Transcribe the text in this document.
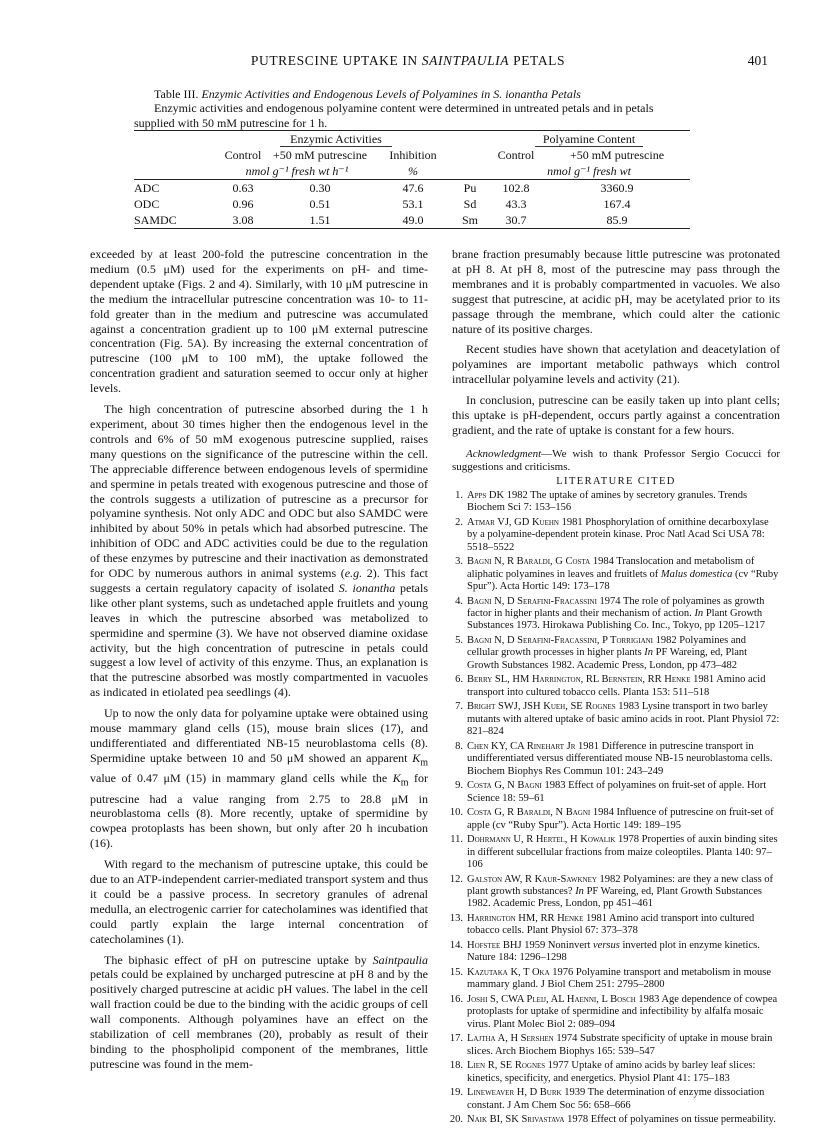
PUTRESCINE UPTAKE IN SAINTPAULIA PETALS	401
Table III. Enzymic Activities and Endogenous Levels of Polyamines in S. ionantha Petals
Enzymic activities and endogenous polyamine content were determined in untreated petals and in petals supplied with 50 mM putrescine for 1 h.
	Enzymic Activities				Polyamine Content	
	Control	+50 mM putrescine	Inhibition		Control	+50 mM putrescine
	nmol g⁻¹ fresh wt h⁻¹		%		nmol g⁻¹ fresh wt	
ADC	0.63	0.30	47.6	Pu	102.8	3360.9
ODC	0.96	0.51	53.1	Sd	43.3	167.4
SAMDC	3.08	1.51	49.0	Sm	30.7	85.9

exceeded by at least 200-fold the putrescine concentration in the medium (0.5 μM) used for the experiments on pH- and time-dependent uptake (Figs. 2 and 4). Similarly, with 10 μM putrescine in the medium the intracellular putrescine concentration was 10- to 11-fold greater than in the medium and putrescine was accumulated against a concentration gradient up to 100 μM external putrescine concentration (Fig. 5A). By increasing the external concentration of putrescine (100 μM to 100 mM), the uptake followed the concentration gradient and saturation seemed to occur only at higher levels.

The high concentration of putrescine absorbed during the 1 h experiment, about 30 times higher then the endogenous level in the controls and 6% of 50 mM exogenous putrescine supplied, raises many questions on the significance of the putrescine within the cell. The appreciable difference between endogenous levels of spermidine and spermine in petals treated with exogenous putrescine and those of the controls suggests a utilization of putrescine as a precursor for polyamine synthesis. Not only ADC and ODC but also SAMDC were inhibited by about 50% in petals which had absorbed putrescine. The inhibition of ODC and ADC activities could be due to the regulation of these enzymes by putrescine and their inactivation as demonstrated for ODC by numerous authors in animal systems (e.g. 2). This fact suggests a certain regulatory capacity of isolated S. ionantha petals like other plant systems, such as undetached apple fruitlets and young leaves in which the putrescine absorbed was metabolized to spermidine and spermine (3). We have not observed diamine oxidase activity, but the high concentration of putrescine in petals could suggest a low level of activity of this enzyme. Thus, an explanation is that the putrescine absorbed was mostly compartmented in vacuoles as indicated in etiolated pea seedlings (4).

Up to now the only data for polyamine uptake were obtained using mouse mammary gland cells (15), mouse brain slices (17), and undifferentiated and differentiated NB-15 neuroblastoma cells (8). Spermidine uptake between 10 and 50 μM showed an apparent $K_m$ value of 0.47 μM (15) in mammary gland cells while the $K_m$ for putrescine had a value ranging from 2.75 to 28.8 μM in neuroblastoma cells (8). More recently, uptake of spermidine by cowpea protoplasts has been shown, but only after 20 h incubation (16).

With regard to the mechanism of putrescine uptake, this could be due to an ATP-independent carrier-mediated transport system and thus it could be a passive process. In secretory granules of adrenal medulla, an electrogenic carrier for catecholamines was identified that could partly explain the large internal concentration of catecholamines (1).

The biphasic effect of pH on putrescine uptake by Saintpaulia petals could be explained by uncharged putrescine at pH 8 and by the positively charged putrescine at acidic pH values. The label in the cell wall fraction could be due to the binding with the acidic groups of cell wall components. Although polyamines have an effect on the stabilization of cell membranes (20), probably as result of their binding to the phospholipid component of the membranes, little putrescine was found in the mem-

brane fraction presumably because little putrescine was protonated at pH 8. At pH 8, most of the putrescine may pass through the membranes and it is probably compartmented in vacuoles. We also suggest that putrescine, at acidic pH, may be acetylated prior to its passage through the membrane, which could alter the cationic nature of its positive charges.

Recent studies have shown that acetylation and deacetylation of polyamines are important metabolic pathways which control intracellular polyamine levels and activity (21).

In conclusion, putrescine can be easily taken up into plant cells; this uptake is pH-dependent, occurs partly against a concentration gradient, and the rate of uptake is constant for a few hours.

Acknowledgment—We wish to thank Professor Sergio Cocucci for suggestions and criticisms.

LITERATURE CITED

1. Apps DK 1982 The uptake of amines by secretory granules. Trends Biochem Sci 7: 153–156
2. Atmar VJ, GD Kuehn 1981 Phosphorylation of ornithine decarboxylase by a polyamine-dependent protein kinase. Proc Natl Acad Sci USA 78: 5518–5522
3. Bagni N, R Baraldi, G Costa 1984 Translocation and metabolism of aliphatic polyamines in leaves and fruitlets of Malus domestica (cv “Ruby Spur”). Acta Hortic 149: 173–178
4. Bagni N, D Serafini-Fracassini 1974 The role of polyamines as growth factor in higher plants and their mechanism of action. In Plant Growth Substances 1973. Hirokawa Publishing Co. Inc., Tokyo, pp 1205–1217
5. Bagni N, D Serafini-Fracassini, P Torrigiani 1982 Polyamines and cellular growth processes in higher plants In PF Wareing, ed, Plant Growth Substances 1982. Academic Press, London, pp 473–482
6. Berry SL, HM Harrington, RL Bernstein, RR Henke 1981 Amino acid transport into cultured tobacco cells. Planta 153: 511–518
7. Bright SWJ, JSH Kueh, SE Rognes 1983 Lysine transport in two barley mutants with altered uptake of basic amino acids in root. Plant Physiol 72: 821–824
8. Chen KY, CA Rinehart Jr 1981 Difference in putrescine transport in undifferentiated versus differentiated mouse NB-15 neuroblastoma cells. Biochem Biophys Res Commun 101: 243–249
9. Costa G, N Bagni 1983 Effect of polyamines on fruit-set of apple. Hort Science 18: 59–61
10. Costa G, R Baraldi, N Bagni 1984 Influence of putrescine on fruit-set of apple (cv “Ruby Spur”). Acta Hortic 149: 189–195
11. Dohrmann U, R Hertel, H Kowalik 1978 Properties of auxin binding sites in different subcellular fractions from maize coleoptiles. Planta 140: 97–106
12. Galston AW, R Kaur-Sawkney 1982 Polyamines: are they a new class of plant growth substances? In PF Wareing, ed, Plant Growth Substances 1982. Academic Press, London, pp 451–461
13. Harrington HM, RR Henke 1981 Amino acid transport into cultured tobacco cells. Plant Physiol 67: 373–378
14. Hofstee BHJ 1959 Noninvert versus inverted plot in enzyme kinetics. Nature 184: 1296–1298
15. Kazutaka K, T Oka 1976 Polyamine transport and metabolism in mouse mammary gland. J Biol Chem 251: 2795–2800
16. Joshi S, CWA Pleij, AL Haenni, L Bosch 1983 Age dependence of cowpea protoplasts for uptake of spermidine and infectibility by alfalfa mosaic virus. Plant Molec Biol 2: 089–094
17. Lajtha A, H Sershen 1974 Substrate specificity of uptake in mouse brain slices. Arch Biochem Biophys 165: 539–547
18. Lien R, SE Rognes 1977 Uptake of amino acids by barley leaf slices: kinetics, specificity, and energetics. Physiol Plant 41: 175–183
19. Lineweaver H, D Burk 1939 The determination of enzyme dissociation constant. J Am Chem Soc 56: 658–666
20. Naik BI, SK Srivastava 1978 Effect of polyamines on tissue permeability.
